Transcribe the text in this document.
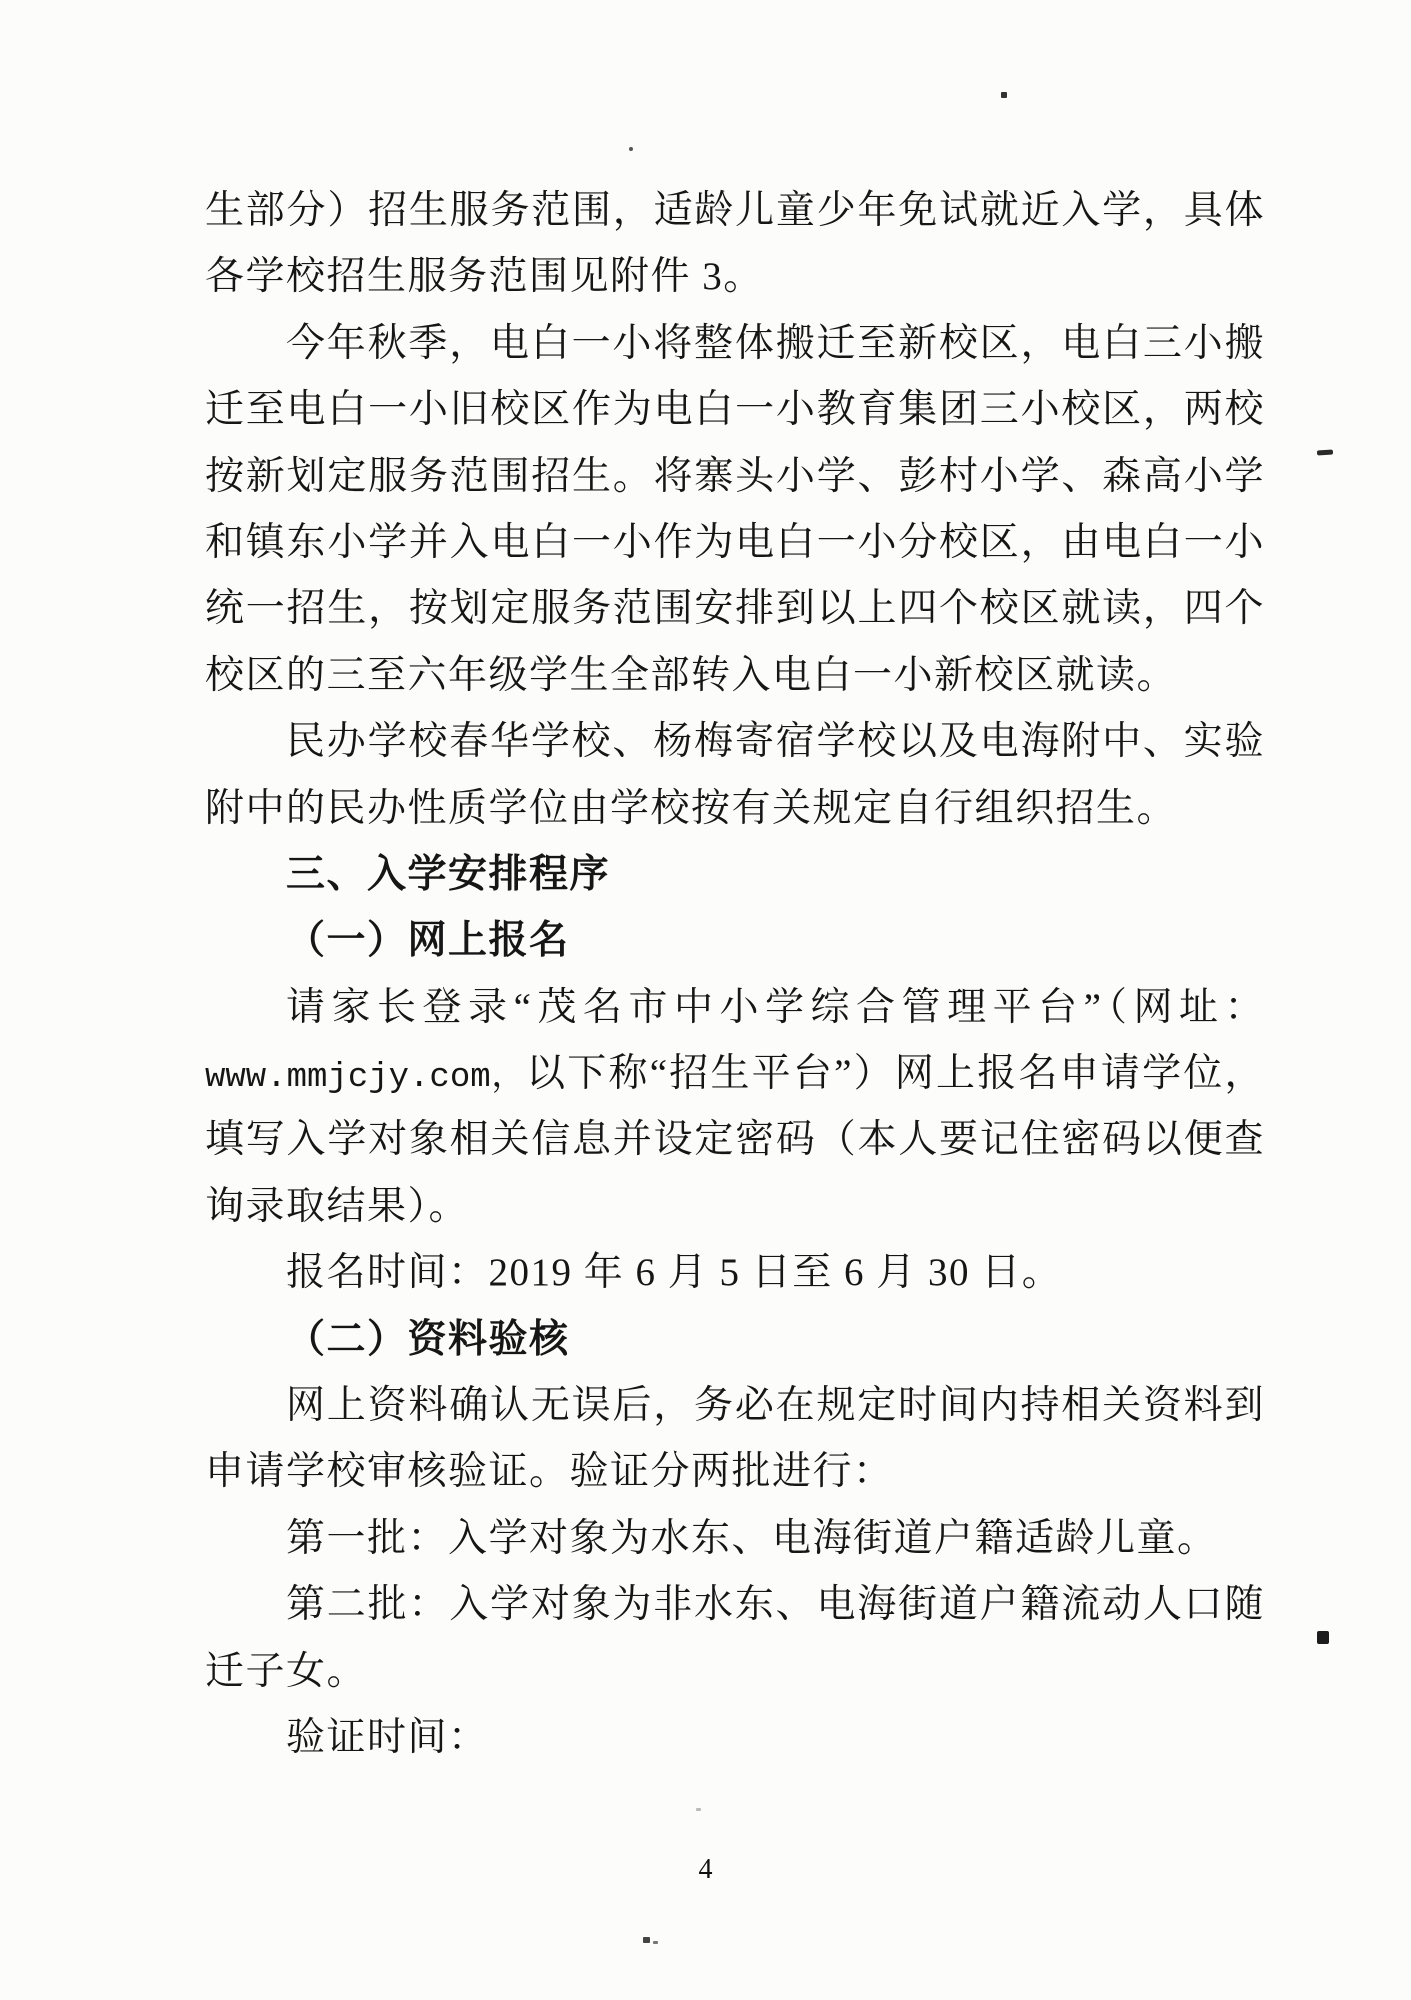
生部分）招生服务范围，适龄儿童少年免试就近入学，具体
各学校招生服务范围见附件 3。
今年秋季，电白一小将整体搬迁至新校区，电白三小搬
迁至电白一小旧校区作为电白一小教育集团三小校区，两校
按新划定服务范围招生。将寨头小学、彭村小学、森高小学
和镇东小学并入电白一小作为电白一小分校区，由电白一小
统一招生，按划定服务范围安排到以上四个校区就读，四个
校区的三至六年级学生全部转入电白一小新校区就读。
民办学校春华学校、杨梅寄宿学校以及电海附中、实验
附中的民办性质学位由学校按有关规定自行组织招生。
三、入学安排程序
（一）网上报名
请家长登录“茂名市中小学综合管理平台”（网址：
www.mmjcjy.com，以下称“招生平台”）网上报名申请学位，
填写入学对象相关信息并设定密码（本人要记住密码以便查
询录取结果）。
报名时间：2019 年 6 月 5 日至 6 月 30 日。
（二）资料验核
网上资料确认无误后，务必在规定时间内持相关资料到
申请学校审核验证。验证分两批进行：
第一批：入学对象为水东、电海街道户籍适龄儿童。
第二批：入学对象为非水东、电海街道户籍流动人口随
迁子女。
验证时间：
4
